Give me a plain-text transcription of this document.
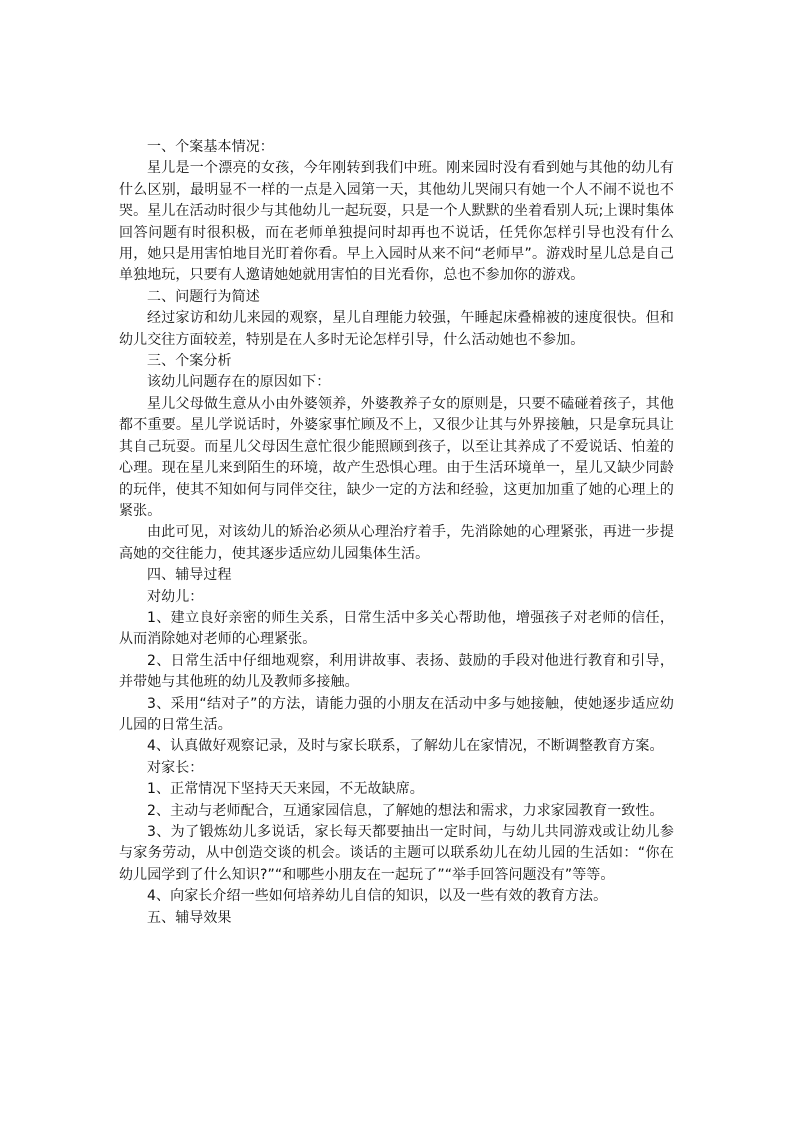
一、个案基本情况：

星儿是一个漂亮的女孩，今年刚转到我们中班。刚来园时没有看到她与其他的幼儿有什么区别，最明显不一样的一点是入园第一天，其他幼儿哭闹只有她一个人不闹不说也不哭。星儿在活动时很少与其他幼儿一起玩耍，只是一个人默默的坐着看别人玩;上课时集体回答问题有时很积极，而在老师单独提问时却再也不说话，任凭你怎样引导也没有什么用，她只是用害怕地目光盯着你看。早上入园时从来不问“老师早”。游戏时星儿总是自己单独地玩，只要有人邀请她她就用害怕的目光看你，总也不参加你的游戏。

二、问题行为简述

经过家访和幼儿来园的观察，星儿自理能力较强，午睡起床叠棉被的速度很快。但和幼儿交往方面较差，特别是在人多时无论怎样引导，什么活动她也不参加。

三、个案分析

该幼儿问题存在的原因如下：

星儿父母做生意从小由外婆领养，外婆教养子女的原则是，只要不磕碰着孩子，其他都不重要。星儿学说话时，外婆家事忙顾及不上，又很少让其与外界接触，只是拿玩具让其自己玩耍。而星儿父母因生意忙很少能照顾到孩子，以至让其养成了不爱说话、怕羞的心理。现在星儿来到陌生的环境，故产生恐惧心理。由于生活环境单一，星儿又缺少同龄的玩伴，使其不知如何与同伴交往，缺少一定的方法和经验，这更加加重了她的心理上的紧张。

由此可见，对该幼儿的矫治必须从心理治疗着手，先消除她的心理紧张，再进一步提高她的交往能力，使其逐步适应幼儿园集体生活。

四、辅导过程

对幼儿：

1、建立良好亲密的师生关系，日常生活中多关心帮助他，增强孩子对老师的信任，从而消除她对老师的心理紧张。

2、日常生活中仔细地观察，利用讲故事、表扬、鼓励的手段对他进行教育和引导，并带她与其他班的幼儿及教师多接触。

3、采用“结对子”的方法，请能力强的小朋友在活动中多与她接触，使她逐步适应幼儿园的日常生活。

4、认真做好观察记录，及时与家长联系，了解幼儿在家情况，不断调整教育方案。

对家长：

1、正常情况下坚持天天来园，不无故缺席。

2、主动与老师配合，互通家园信息，了解她的想法和需求，力求家园教育一致性。

3、为了锻炼幼儿多说话，家长每天都要抽出一定时间，与幼儿共同游戏或让幼儿参与家务劳动，从中创造交谈的机会。谈话的主题可以联系幼儿在幼儿园的生活如：“你在幼儿园学到了什么知识?”“和哪些小朋友在一起玩了”“举手回答问题没有”等等。

4、向家长介绍一些如何培养幼儿自信的知识，以及一些有效的教育方法。

五、辅导效果
